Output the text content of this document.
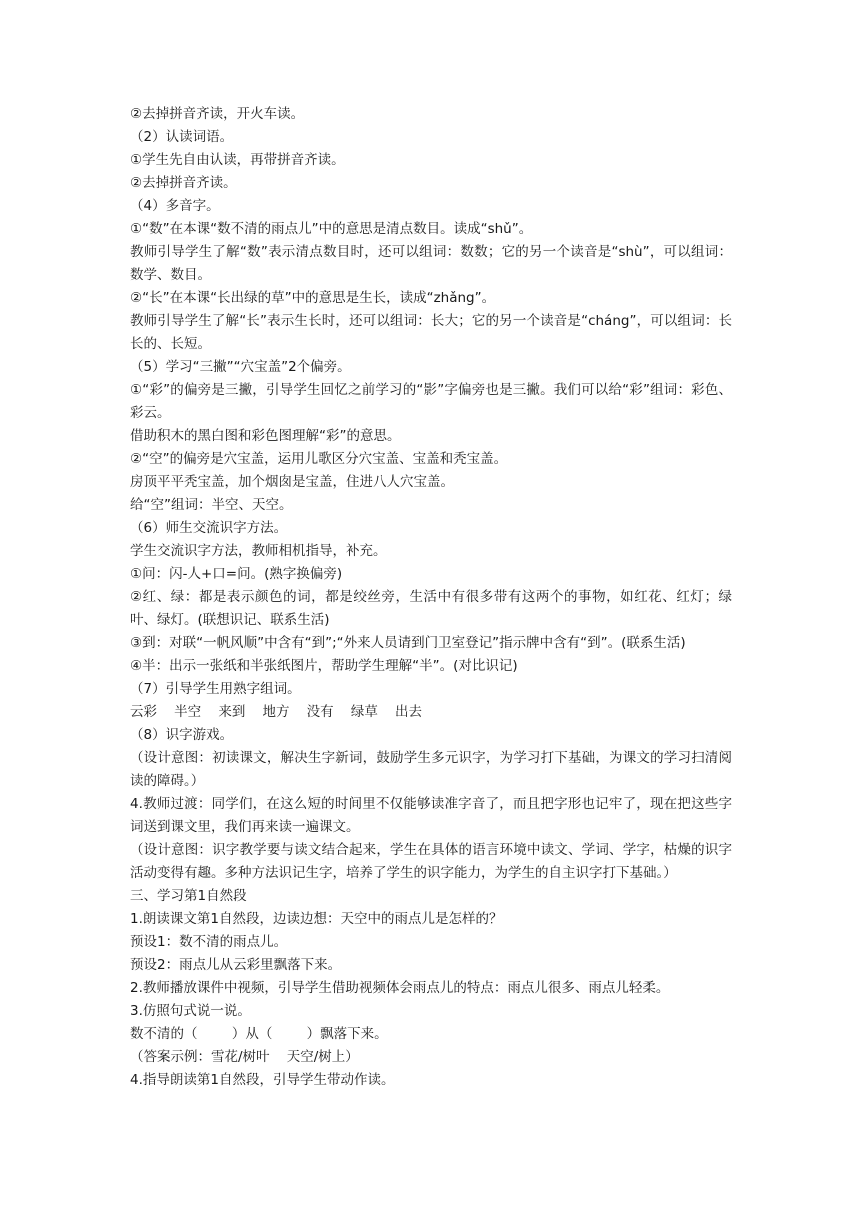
②去掉拼音齐读，开火车读。
（2）认读词语。
①学生先自由认读，再带拼音齐读。
②去掉拼音齐读。
（4）多音字。
①“数”在本课“数不清的雨点儿”中的意思是清点数目。读成“shǔ”。
教师引导学生了解“数”表示清点数目时，还可以组词：数数；它的另一个读音是“shù”，可以组词：数学、数目。
②“长”在本课“长出绿的草”中的意思是生长，读成“zhǎng”。
教师引导学生了解“长”表示生长时，还可以组词：长大；它的另一个读音是“cháng”，可以组词：长长的、长短。
（5）学习“三撇”“穴宝盖”2个偏旁。
①“彩”的偏旁是三撇，引导学生回忆之前学习的“影”字偏旁也是三撇。我们可以给“彩”组词：彩色、彩云。
借助积木的黑白图和彩色图理解“彩”的意思。
②“空”的偏旁是穴宝盖，运用儿歌区分穴宝盖、宝盖和秃宝盖。
房顶平平秃宝盖，加个烟囱是宝盖，住进八人穴宝盖。
给“空”组词：半空、天空。
（6）师生交流识字方法。
学生交流识字方法，教师相机指导，补充。
①问：闪-人+口=问。(熟字换偏旁)
②红、绿：都是表示颜色的词，都是绞丝旁，生活中有很多带有这两个的事物，如红花、红灯；绿叶、绿灯。(联想识记、联系生活)
③到：对联“一帆风顺”中含有“到”;“外来人员请到门卫室登记”指示牌中含有“到”。(联系生活)
④半：出示一张纸和半张纸图片，帮助学生理解“半”。(对比识记)
（7）引导学生用熟字组词。
云彩    半空    来到    地方    没有    绿草    出去
（8）识字游戏。
（设计意图：初读课文，解决生字新词，鼓励学生多元识字，为学习打下基础，为课文的学习扫清阅读的障碍。）
4.教师过渡：同学们，在这么短的时间里不仅能够读准字音了，而且把字形也记牢了，现在把这些字词送到课文里，我们再来读一遍课文。
（设计意图：识字教学要与读文结合起来，学生在具体的语言环境中读文、学词、学字，枯燥的识字活动变得有趣。多种方法识记生字，培养了学生的识字能力，为学生的自主识字打下基础。）
三、学习第1自然段
1.朗读课文第1自然段，边读边想：天空中的雨点儿是怎样的？
预设1：数不清的雨点儿。
预设2：雨点儿从云彩里飘落下来。
2.教师播放课件中视频，引导学生借助视频体会雨点儿的特点：雨点儿很多、雨点儿轻柔。
3.仿照句式说一说。
数不清的（        ）从（        ）飘落下来。
（答案示例：雪花/树叶    天空/树上）
4.指导朗读第1自然段，引导学生带动作读。
